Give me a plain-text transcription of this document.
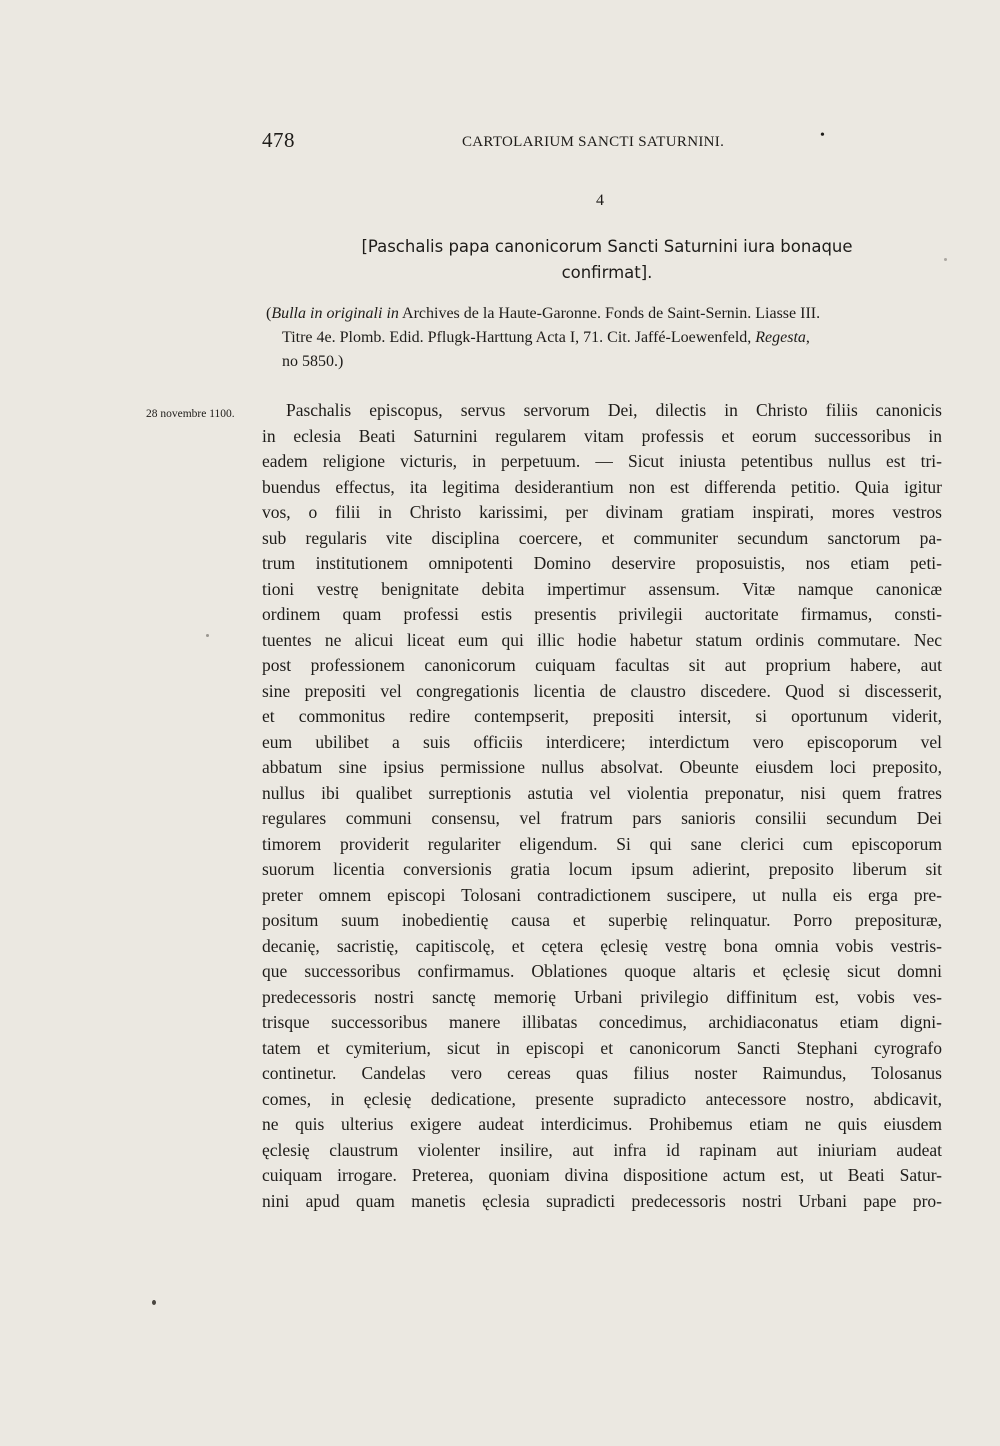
478	CARTOLARIUM SANCTI SATURNINI.	•
4
[Paschalis papa canonicorum Sancti Saturnini iura bonaque
confirmat].
(Bulla in originali in Archives de la Haute-Garonne. Fonds de Saint-Sernin. Liasse III.
Titre 4e. Plomb. Edid. Pflugk-Harttung Acta I, 71. Cit. Jaffé-Loewenfeld, Regesta,
no 5850.)
28 novembre 1100.	Paschalis episcopus, servus servorum Dei, dilectis in Christo filiis canonicis
in eclesia Beati Saturnini regularem vitam professis et eorum successoribus in
eadem religione victuris, in perpetuum. — Sicut iniusta petentibus nullus est tri-
buendus effectus, ita legitima desiderantium non est differenda petitio. Quia igitur
vos, o filii in Christo karissimi, per divinam gratiam inspirati, mores vestros
sub regularis vite disciplina coercere, et communiter secundum sanctorum pa-
trum institutionem omnipotenti Domino deservire proposuistis, nos etiam peti-
tioni vestrę benignitate debita impertimur assensum. Vitæ namque canonicæ
ordinem quam professi estis presentis privilegii auctoritate firmamus, consti-
tuentes ne alicui liceat eum qui illic hodie habetur statum ordinis commutare. Nec
post professionem canonicorum cuiquam facultas sit aut proprium habere, aut
sine prepositi vel congregationis licentia de claustro discedere. Quod si discesserit,
et commonitus redire contempserit, prepositi intersit, si oportunum viderit,
eum ubilibet a suis officiis interdicere; interdictum vero episcoporum vel
abbatum sine ipsius permissione nullus absolvat. Obeunte eiusdem loci preposito,
nullus ibi qualibet surreptionis astutia vel violentia preponatur, nisi quem fratres
regulares communi consensu, vel fratrum pars sanioris consilii secundum Dei
timorem providerit regulariter eligendum. Si qui sane clerici cum episcoporum
suorum licentia conversionis gratia locum ipsum adierint, preposito liberum sit
preter omnem episcopi Tolosani contradictionem suscipere, ut nulla eis erga pre-
positum suum inobedientię causa et superbię relinquatur. Porro preposituræ,
decanię, sacristię, capitiscolę, et cętera ęclesię vestrę bona omnia vobis vestris-
que successoribus confirmamus. Oblationes quoque altaris et ęclesię sicut domni
predecessoris nostri sanctę memorię Urbani privilegio diffinitum est, vobis ves-
trisque successoribus manere illibatas concedimus, archidiaconatus etiam digni-
tatem et cymiterium, sicut in episcopi et canonicorum Sancti Stephani cyrografo
continetur. Candelas vero cereas quas filius noster Raimundus, Tolosanus
comes, in ęclesię dedicatione, presente supradicto antecessore nostro, abdicavit,
ne quis ulterius exigere audeat interdicimus. Prohibemus etiam ne quis eiusdem
ęclesię claustrum violenter insilire, aut infra id rapinam aut iniuriam audeat
cuiquam irrogare. Preterea, quoniam divina dispositione actum est, ut Beati Satur-
nini apud quam manetis ęclesia supradicti predecessoris nostri Urbani pape pro-
